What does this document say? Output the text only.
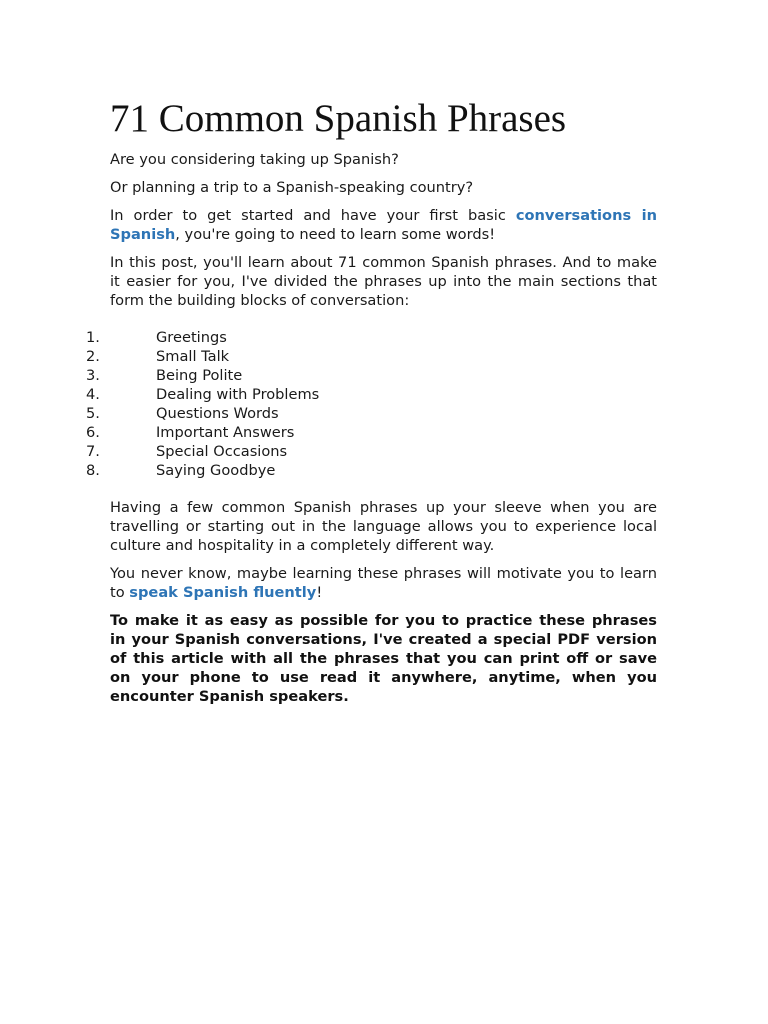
71 Common Spanish Phrases

Are you considering taking up Spanish?

Or planning a trip to a Spanish-speaking country?

In order to get started and have your first basic conversations in Spanish, you're going to need to learn some words!

In this post, you'll learn about 71 common Spanish phrases. And to make it easier for you, I've divided the phrases up into the main sections that form the building blocks of conversation:

1.	Greetings
2.	Small Talk
3.	Being Polite
4.	Dealing with Problems
5.	Questions Words
6.	Important Answers
7.	Special Occasions
8.	Saying Goodbye

Having a few common Spanish phrases up your sleeve when you are travelling or starting out in the language allows you to experience local culture and hospitality in a completely different way.

You never know, maybe learning these phrases will motivate you to learn to speak Spanish fluently!

To make it as easy as possible for you to practice these phrases in your Spanish conversations, I've created a special PDF version of this article with all the phrases that you can print off or save on your phone to use read it anywhere, anytime, when you encounter Spanish speakers.
